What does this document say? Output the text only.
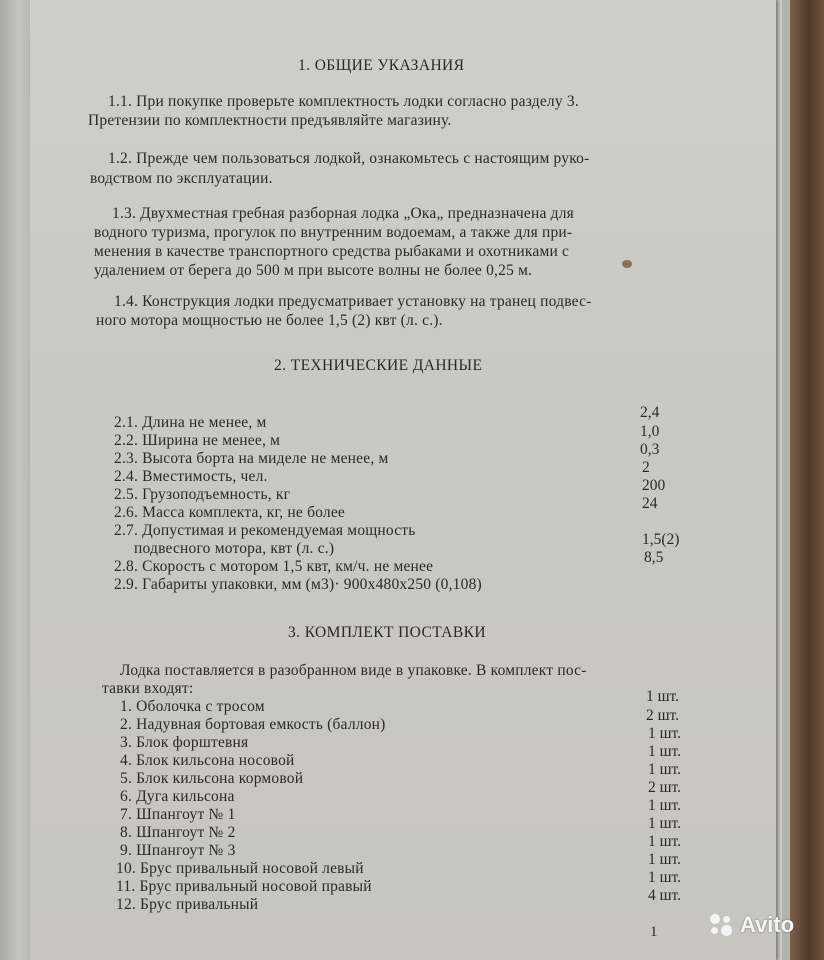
1. ОБЩИЕ УКАЗАНИЯ
1.1. При покупке проверьте комплектность лодки согласно разделу 3.
Претензии по комплектности предъявляйте магазину.
1.2. Прежде чем пользоваться лодкой, ознакомьтесь с настоящим руко-
водством по эксплуатации.
1.3. Двухместная гребная разборная лодка „Ока„ предназначена для
водного туризма, прогулок по внутренним водоемам, а также для при-
менения в качестве транспортного средства рыбаками и охотниками с
удалением от берега до 500 м при высоте волны не более 0,25 м.
1.4. Конструкция лодки предусматривает установку на транец подвес-
ного мотора мощностью не более 1,5 (2) квт (л. с.).
2. ТЕХНИЧЕСКИЕ ДАННЫЕ
2.1. Длина не менее, м
2,4
2.2. Ширина не менее, м
1,0
2.3. Высота борта на миделе не менее, м
0,3
2.4. Вместимость, чел.
2
2.5. Грузоподъемность, кг
200
2.6. Масса комплекта, кг, не более
24
2.7. Допустимая и рекомендуемая мощность
подвесного мотора, квт (л. с.)
1,5(2)
2.8. Скорость с мотором 1,5 квт, км/ч. не менее
8,5
2.9. Габариты упаковки, мм (м3)· 900x480x250 (0,108)
3. КОМПЛЕКТ ПОСТАВКИ
Лодка поставляется в разобранном виде в упаковке. В комплект пос-
тавки входят:
1. Оболочка с тросом
1 шт.
2. Надувная бортовая емкость (баллон)
2 шт.
3. Блок форштевня
1 шт.
4. Блок кильсона носовой
1 шт.
5. Блок кильсона кормовой
1 шт.
6. Дуга кильсона
2 шт.
7. Шпангоут № 1
1 шт.
8. Шпангоут № 2
1 шт.
9. Шпангоут № 3
1 шт.
10. Брус привальный носовой левый
1 шт.
11. Брус привальный носовой правый
1 шт.
12. Брус привальный
4 шт.
1	Avito
